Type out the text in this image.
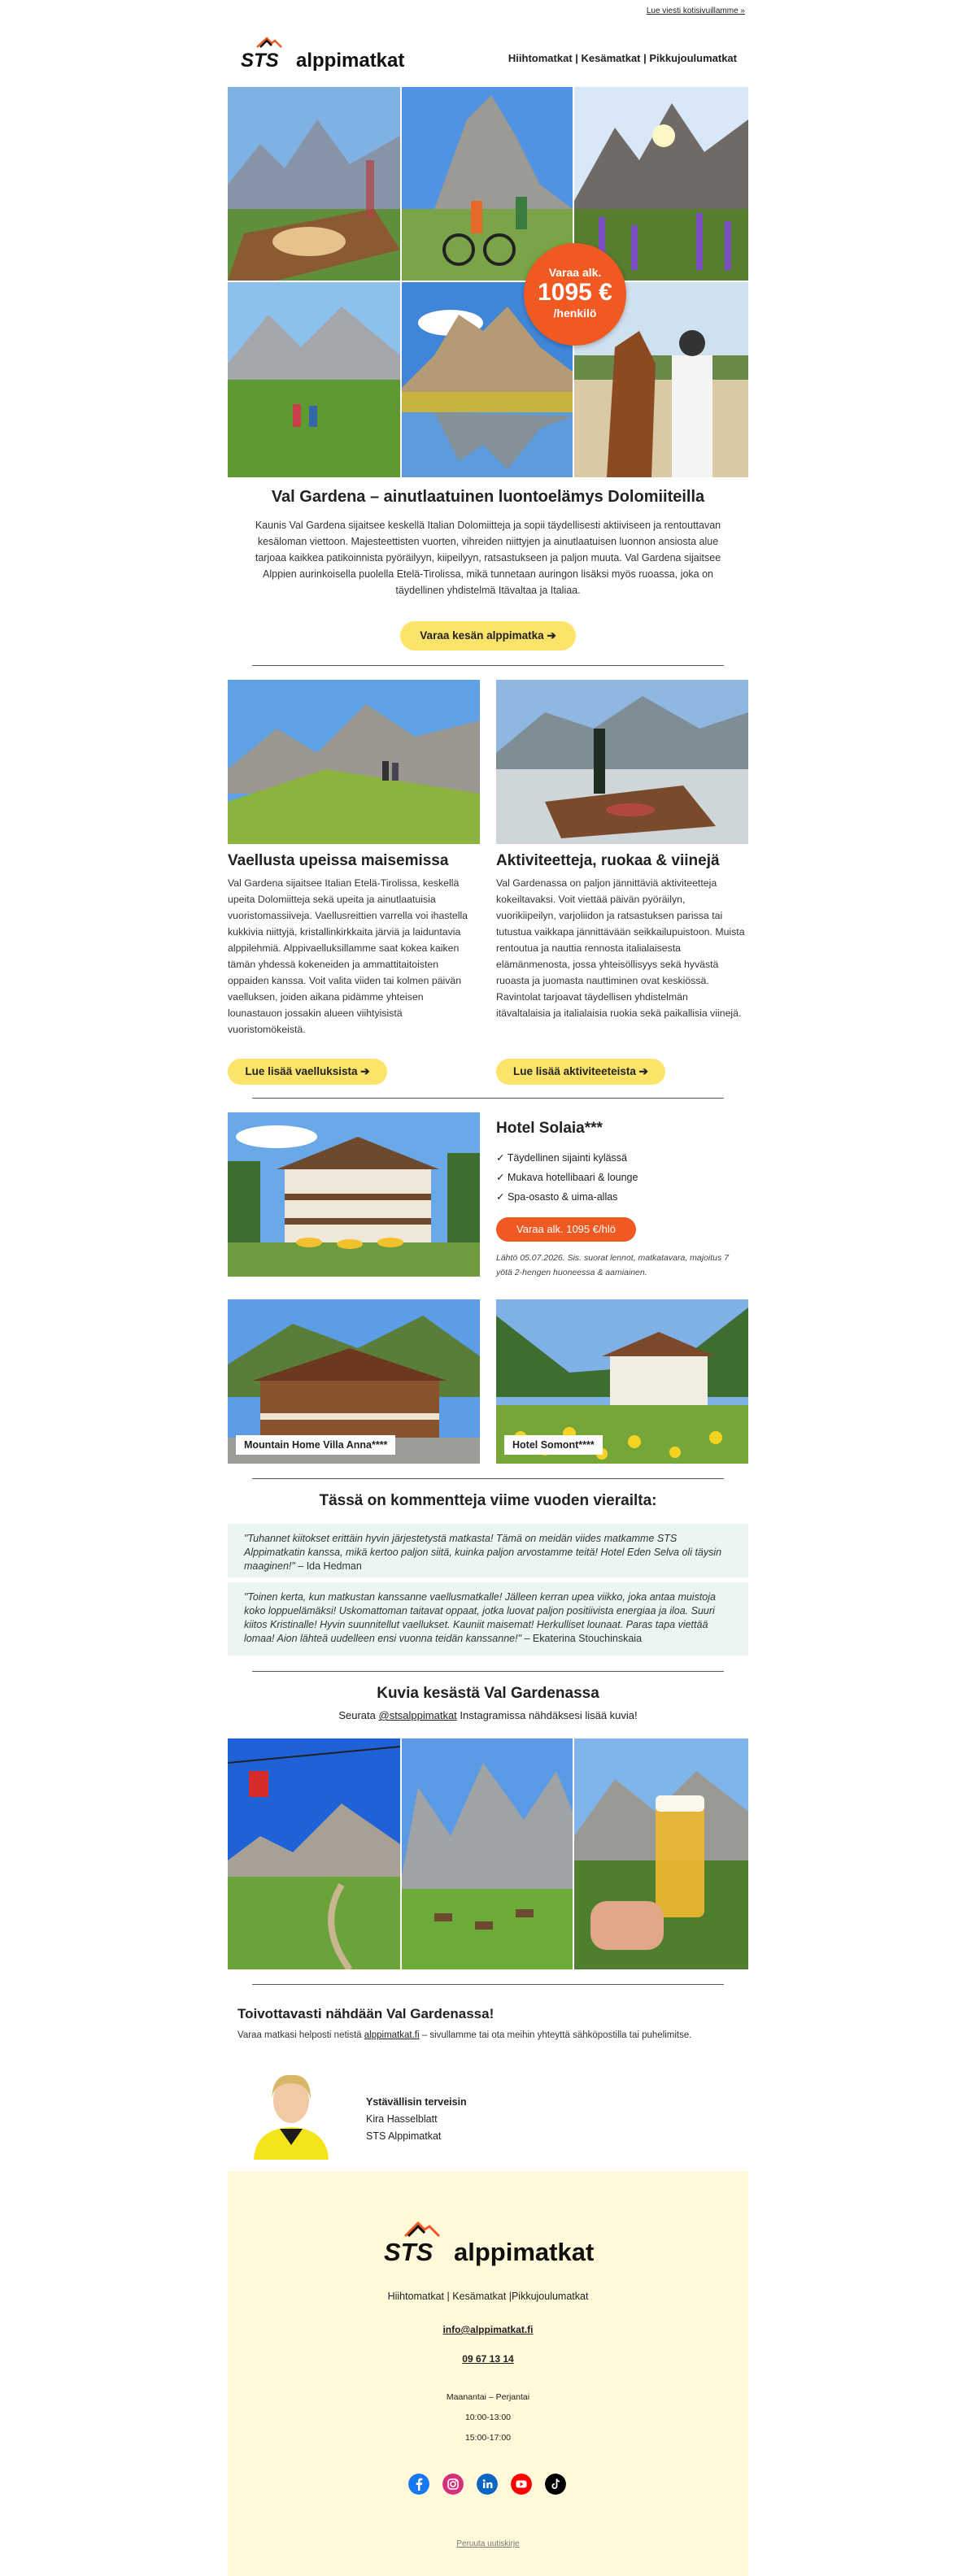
Lue viesti kotisivuillamme »
STS alppimatkat	Hiihtomatkat | Kesämatkat | Pikkujoulumatkat
Varaa alk.
1095 €
/henkilö
Val Gardena – ainutlaatuinen luontoelämys Dolomiiteilla

Kaunis Val Gardena sijaitsee keskellä Italian Dolomiitteja ja sopii täydellisesti aktiiviseen ja rentouttavan kesäloman viettoon. Majesteettisten vuorten, vihreiden niittyjen ja ainutlaatuisen luonnon ansiosta alue tarjoaa kaikkea patikoinnista pyöräilyyn, kiipeilyyn, ratsastukseen ja paljon muuta. Val Gardena sijaitsee Alppien aurinkoisella puolella Etelä-Tirolissa, mikä tunnetaan auringon lisäksi myös ruoassa, joka on täydellinen yhdistelmä Itävaltaa ja Italiaa.

Varaa kesän alppimatka ➔
Vaellusta upeissa maisemissa

Val Gardena sijaitsee Italian Etelä-Tirolissa, keskellä upeita Dolomiitteja sekä upeita ja ainutlaatuisia vuoristomassiiveja. Vaellusreittien varrella voi ihastella kukkivia niittyjä, kristallinkirkkaita järviä ja laiduntavia alppilehmiä. Alppivaelluksillamme saat kokea kaiken tämän yhdessä kokeneiden ja ammattitaitoisten oppaiden kanssa. Voit valita viiden tai kolmen päivän vaelluksen, joiden aikana pidämme yhteisen lounastauon jossakin alueen viihtyisistä vuoristomökeistä.

Lue lisää vaelluksista ➔
Aktiviteetteja, ruokaa & viinejä

Val Gardenassa on paljon jännittäviä aktiviteetteja kokeiltavaksi. Voit viettää päivän pyöräilyn, vuorikiipeilyn, varjoliidon ja ratsastuksen parissa tai tutustua vaikkapa jännittävään seikkailupuistoon. Muista rentoutua ja nauttia rennosta italialaisesta elämänmenosta, jossa yhteisöllisyys sekä hyvästä ruoasta ja juomasta nauttiminen ovat keskiössä. Ravintolat tarjoavat täydellisen yhdistelmän itävaltalaisia ja italialaisia ruokia sekä paikallisia viinejä.

Lue lisää aktiviteeteista ➔
Hotel Solaia***
✓ Täydellinen sijainti kylässä
✓ Mukava hotellibaari & lounge
✓ Spa-osasto & uima-allas
Varaa alk. 1095 €/hlö

Lähtö 05.07.2026. Sis. suorat lennot, matkatavara, majoitus 7 yötä 2-hengen huoneessa & aamiainen.

Mountain Home Villa Anna****	Hotel Somont****
Tässä on kommentteja viime vuoden vierailta:
"Tuhannet kiitokset erittäin hyvin järjestetystä matkasta! Tämä on meidän viides matkamme STS Alppimatkatin kanssa, mikä kertoo paljon siitä, kuinka paljon arvostamme teitä! Hotel Eden Selva oli täysin maaginen!" – Ida Hedman
"Toinen kerta, kun matkustan kanssanne vaellusmatkalle! Jälleen kerran upea viikko, joka antaa muistoja koko loppuelämäksi! Uskomattoman taitavat oppaat, jotka luovat paljon positiivista energiaa ja iloa. Suuri kiitos Kristinalle! Hyvin suunnitellut vaellukset. Kauniit maisemat! Herkulliset lounaat. Paras tapa viettää lomaa! Aion lähteä uudelleen ensi vuonna teidän kanssanne!" – Ekaterina Stouchinskaia
Kuvia kesästä Val Gardenassa

Seurata @stsalppimatkat Instagramissa nähdäksesi lisää kuvia!

Toivottavasti nähdään Val Gardenassa!

Varaa matkasi helposti netistä alppimatkat.fi – sivullamme tai ota meihin yhteyttä sähköpostilla tai puhelimitse.

Ystävällisin terveisin
Kira Hasselblatt
STS Alppimatkat
STS alppimatkat
Hiihtomatkat | Kesämatkat |Pikkujoulumatkat
info@alppimatkat.fi
09 67 13 14
Maanantai – Perjantai
10:00-13:00
15:00-17:00
Peruuta uutiskirje
